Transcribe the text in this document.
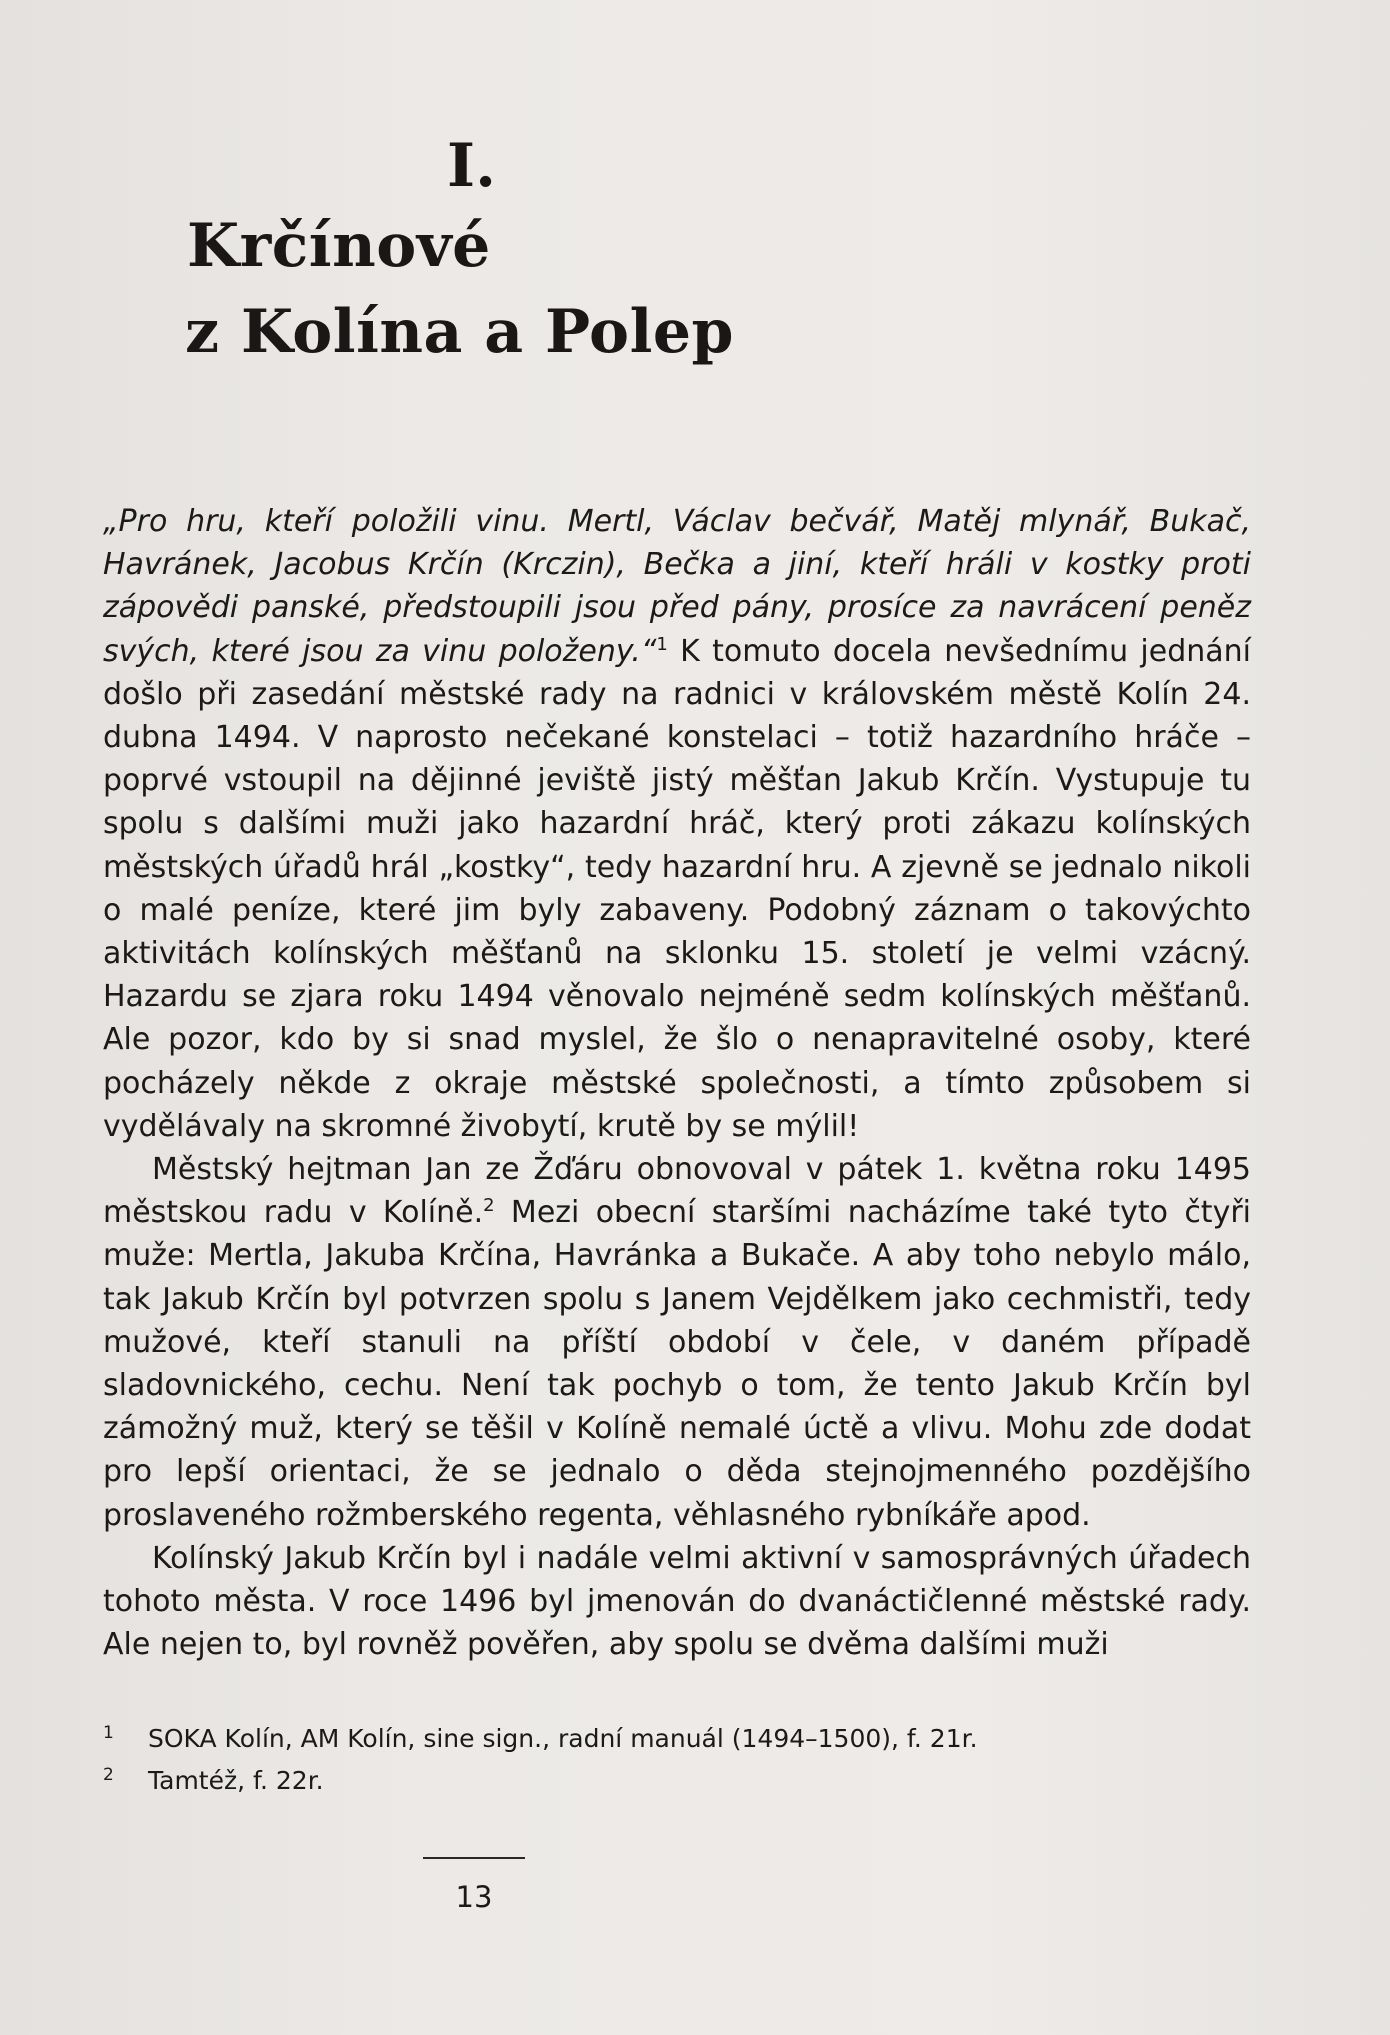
I.
Krčínové
z Kolína a Polep

„Pro hru, kteří položili vinu. Mertl, Václav bečvář, Matěj mlynář, Bukač, Havránek, Jacobus Krčín (Krczin), Bečka a jiní, kteří hráli v kostky proti zápovědi panské, předstoupili jsou před pány, prosíce za navrácení peněz svých, které jsou za vinu položeny.“$^1$ K tomuto docela nevšednímu jednání došlo při zasedání městské rady na radnici v královském městě Kolín 24. dubna 1494. V naprosto nečekané konstelaci – totiž hazardního hráče – poprvé vstoupil na dějinné jeviště jistý měšťan Jakub Krčín. Vystupuje tu spolu s dalšími muži jako hazardní hráč, který proti zákazu kolínských městských úřadů hrál „kostky“, tedy hazardní hru. A zjevně se jednalo nikoli o malé peníze, které jim byly zabaveny. Podobný záznam o takovýchto aktivitách kolínských měšťanů na sklonku 15. století je velmi vzácný. Hazardu se zjara roku 1494 věnovalo nejméně sedm kolínských měšťanů. Ale pozor, kdo by si snad myslel, že šlo o nenapravitelné osoby, které pocházely někde z okraje městské společnosti, a tímto způsobem si vydělávaly na skromné živobytí, krutě by se mýlil!

Městský hejtman Jan ze Žďáru obnovoval v pátek 1. května roku 1495 městskou radu v Kolíně.$^2$ Mezi obecní staršími nacházíme také tyto čtyři muže: Mertla, Jakuba Krčína, Havránka a Bukače. A aby toho nebylo málo, tak Jakub Krčín byl potvrzen spolu s Janem Vejdělkem jako cechmistři, tedy mužové, kteří stanuli na příští období v čele, v daném případě sladovnického, cechu. Není tak pochyb o tom, že tento Jakub Krčín byl zámožný muž, který se těšil v Kolíně nemalé úctě a vlivu. Mohu zde dodat pro lepší orientaci, že se jednalo o děda stejnojmenného pozdějšího proslaveného rožmberského regenta, věhlasného rybníkáře apod.

Kolínský Jakub Krčín byl i nadále velmi aktivní v samosprávných úřadech tohoto města. V roce 1496 byl jmenován do dvanáctičlenné městské rady. Ale nejen to, byl rovněž pověřen, aby spolu se dvěma dalšími muži

1	SOKA Kolín, AM Kolín, sine sign., radní manuál (1494–1500), f. 21r.
2	Tamtéž, f. 22r.
13
